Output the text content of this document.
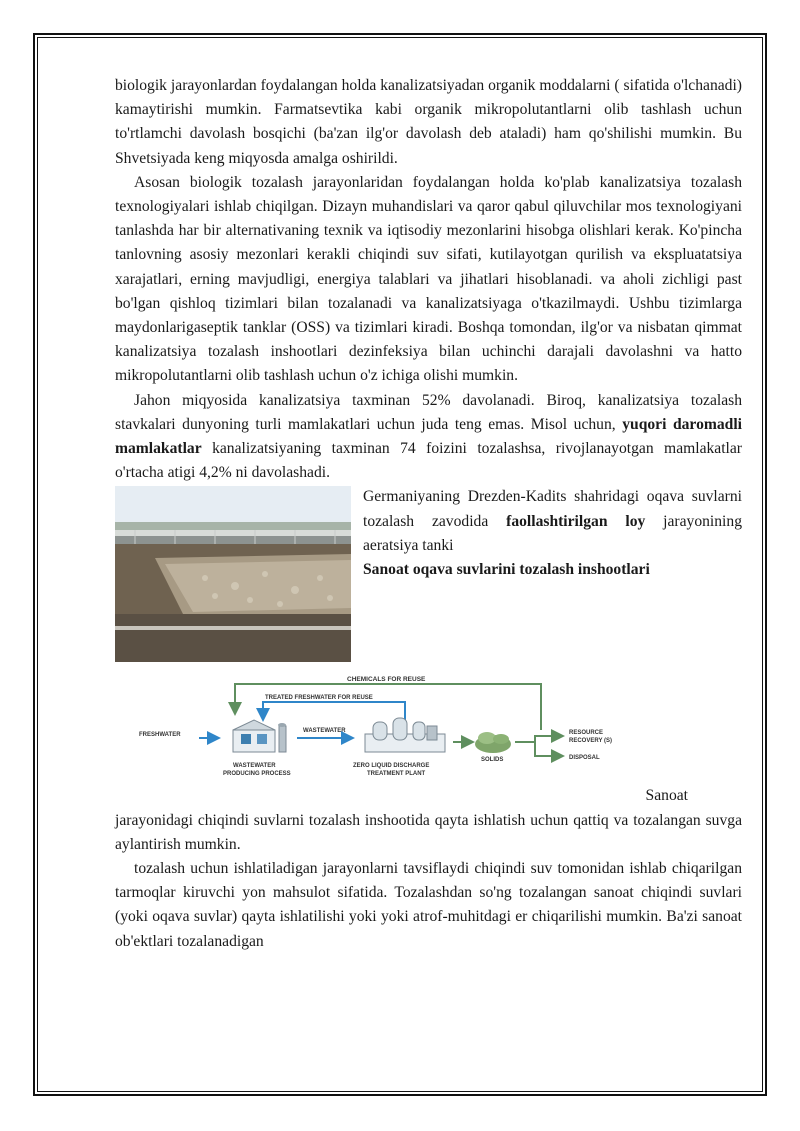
biologik jarayonlardan foydalangan holda kanalizatsiyadan organik moddalarni ( sifatida o'lchanadi) kamaytirishi mumkin. Farmatsevtika kabi organik mikropolutantlarni olib tashlash uchun to'rtlamchi davolash bosqichi (ba'zan ilg'or davolash deb ataladi) ham qo'shilishi mumkin. Bu Shvetsiyada keng miqyosda amalga oshirildi.

Asosan biologik tozalash jarayonlaridan foydalangan holda ko'plab kanalizatsiya tozalash texnologiyalari ishlab chiqilgan. Dizayn muhandislari va qaror qabul qiluvchilar mos texnologiyani tanlashda har bir alternativaning texnik va iqtisodiy mezonlarini hisobga olishlari kerak. Ko'pincha tanlovning asosiy mezonlari kerakli chiqindi suv sifati, kutilayotgan qurilish va ekspluatatsiya xarajatlari, erning mavjudligi, energiya talablari va jihatlari hisoblanadi. va aholi zichligi past bo'lgan qishloq tizimlari bilan tozalanadi va kanalizatsiyaga o'tkazilmaydi. Ushbu tizimlarga maydonlarigaseptik tanklar (OSS) va tizimlari kiradi. Boshqa tomondan, ilg'or va nisbatan qimmat kanalizatsiya tozalash inshootlari dezinfeksiya bilan uchinchi darajali davolashni va hatto mikropolutantlarni olib tashlash uchun o'z ichiga olishi mumkin.

Jahon miqyosida kanalizatsiya taxminan 52% davolanadi. Biroq, kanalizatsiya tozalash stavkalari dunyoning turli mamlakatlari uchun juda teng emas. Misol uchun, yuqori daromadli mamlakatlar kanalizatsiyaning taxminan 74 foizini tozalashsa, rivojlanayotgan mamlakatlar o'rtacha atigi 4,2% ni davolashadi.

Germaniyaning Drezden-Kadits shahridagi oqava suvlarni tozalash zavodida faollashtirilgan loy jarayonining aeratsiya tanki

Sanoat oqava suvlarini tozalash inshootlari

CHEMICALS FOR REUSE
TREATED FRESHWATER FOR REUSE
FRESHWATER
WASTEWATER
PRODUCING PROCESS
WASTEWATER
ZERO LIQUID DISCHARGE
TREATMENT PLANT
SOLIDS
RESOURCE
RECOVERY (S)
DISPOSAL

Sanoat

jarayonidagi chiqindi suvlarni tozalash inshootida qayta ishlatish uchun qattiq va tozalangan suvga aylantirish mumkin.

tozalash uchun ishlatiladigan jarayonlarni tavsiflaydi chiqindi suv tomonidan ishlab chiqarilgan tarmoqlar kiruvchi yon mahsulot sifatida. Tozalashdan so'ng tozalangan sanoat chiqindi suvlari (yoki oqava suvlar) qayta ishlatilishi yoki yoki atrof-muhitdagi er chiqarilishi mumkin. Ba'zi sanoat ob'ektlari tozalanadigan
